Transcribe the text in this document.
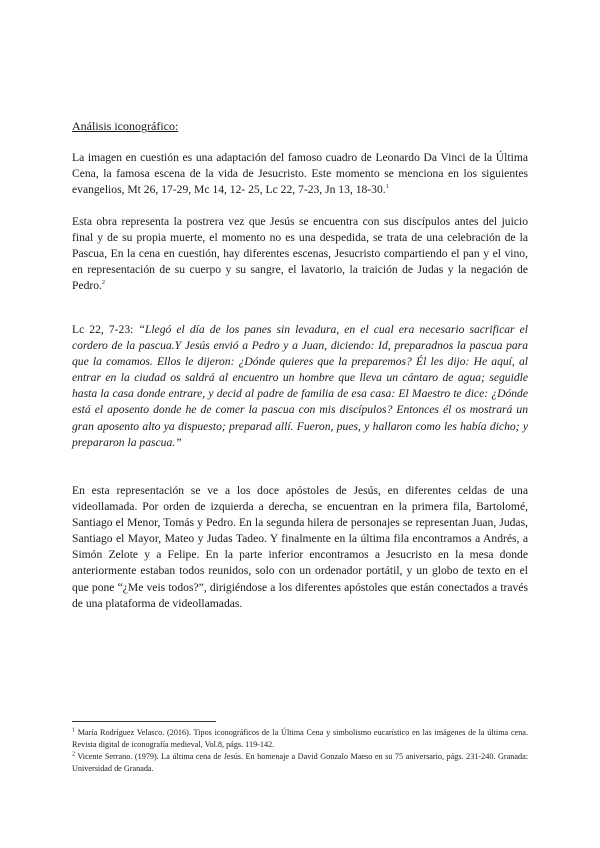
Análisis iconográfico:

La imagen en cuestión es una adaptación del famoso cuadro de Leonardo Da Vinci de la Última Cena, la famosa escena de la vida de Jesucristo. Este momento se menciona en los siguientes evangelios, Mt 26, 17-29, Mc 14, 12- 25, Lc 22, 7-23, Jn 13, 18-30.$^1$

Esta obra representa la postrera vez que Jesús se encuentra con sus discípulos antes del juicio final y de su propia muerte, el momento no es una despedida, se trata de una celebración de la Pascua, En la cena en cuestión, hay diferentes escenas, Jesucristo compartiendo el pan y el vino, en representación de su cuerpo y su sangre, el lavatorio, la traición de Judas y la negación de Pedro.$^2$

Lc 22, 7-23: “Llegó el día de los panes sin levadura, en el cual era necesario sacrificar el cordero de la pascua.Y Jesús envió a Pedro y a Juan, diciendo: Id, preparadnos la pascua para que la comamos. Ellos le dijeron: ¿Dónde quieres que la preparemos? Él les dijo: He aquí, al entrar en la ciudad os saldrá al encuentro un hombre que lleva un cántaro de agua; seguidle hasta la casa donde entrare, y decid al padre de familia de esa casa: El Maestro te dice: ¿Dónde está el aposento donde he de comer la pascua con mis discípulos? Entonces él os mostrará un gran aposento alto ya dispuesto; preparad allí. Fueron, pues, y hallaron como les había dicho; y prepararon la pascua.”

En esta representación se ve a los doce apóstoles de Jesús, en diferentes celdas de una videollamada. Por orden de izquierda a derecha, se encuentran en la primera fila, Bartolomé, Santiago el Menor, Tomás y Pedro. En la segunda hilera de personajes se representan Juan, Judas, Santiago el Mayor, Mateo y Judas Tadeo. Y finalmente en la última fila encontramos a Andrés, a Simón Zelote y a Felipe. En la parte inferior encontramos a Jesucristo en la mesa donde anteriormente estaban todos reunidos, solo con un ordenador portátil, y un globo de texto en el que pone “¿Me veis todos?”, dirigiéndose a los diferentes apóstoles que están conectados a través de una plataforma de videollamadas.

$^1$ María Rodríguez Velasco. (2016). Tipos iconográficos de la Última Cena y simbolismo eucarístico en las imágenes de la última cena. Revista digital de iconografía medieval, Vol.8, págs. 119-142.

$^2$ Vicente Serrano. (1979). La última cena de Jesús. En homenaje a David Gonzalo Maeso en su 75 aniversario, págs. 231-240. Granada: Universidad de Granada.
